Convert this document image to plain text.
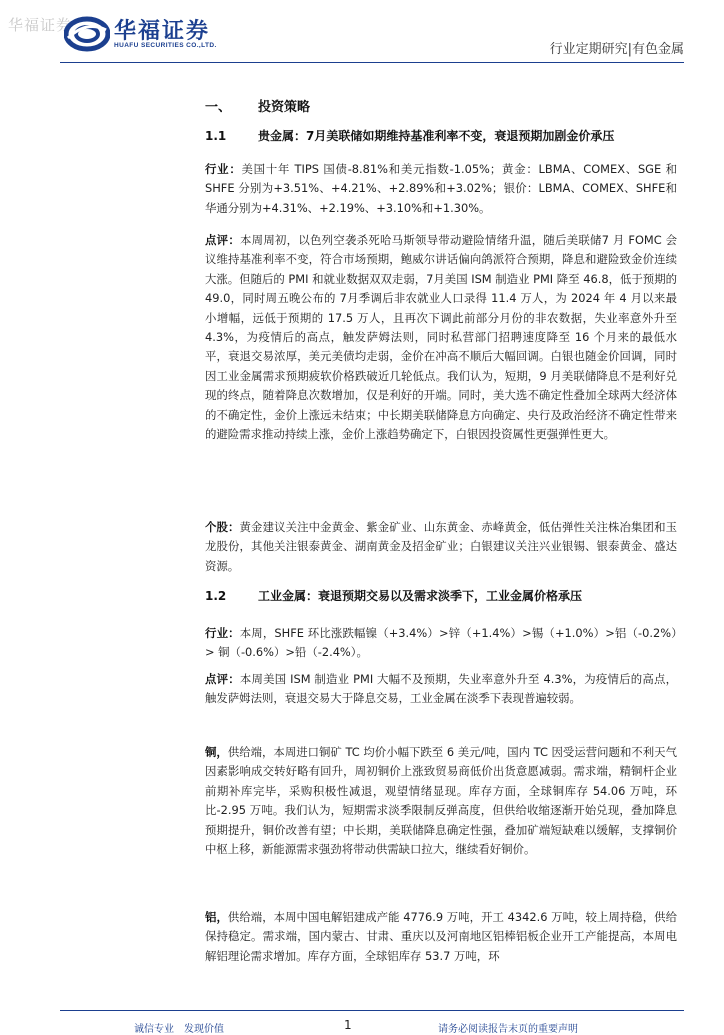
华福证券 华福证券
HUAFU SECURITIES CO.,LTD.	行业定期研究|有色金属
一、 投资策略
1.1	贵金属：7月美联储如期维持基准利率不变，衰退预期加剧金价承压

行业：美国十年 TIPS 国债-8.81%和美元指数-1.05%；黄金：LBMA、COMEX、SGE 和 SHFE 分别为+3.51%、+4.21%、+2.89%和+3.02%；银价：LBMA、COMEX、SHFE和华通分别为+4.31%、+2.19%、+3.10%和+1.30%。

点评：本周周初，以色列空袭杀死哈马斯领导带动避险情绪升温，随后美联储7 月 FOMC 会议维持基准利率不变，符合市场预期，鲍威尔讲话偏向鸽派符合预期，降息和避险致金价连续大涨。但随后的 PMI 和就业数据双双走弱，7月美国 ISM 制造业 PMI 降至 46.8，低于预期的 49.0，同时周五晚公布的 7月季调后非农就业人口录得 11.4 万人，为 2024 年 4 月以来最小增幅，远低于预期的 17.5 万人，且再次下调此前部分月份的非农数据，失业率意外升至 4.3%，为疫情后的高点，触发萨姆法则，同时私营部门招聘速度降至 16 个月来的最低水平，衰退交易浓厚，美元美债均走弱，金价在冲高不顺后大幅回调。白银也随金价回调，同时因工业金属需求预期疲软价格跌破近几轮低点。我们认为，短期，9 月美联储降息不是利好兑现的终点，随着降息次数增加，仅是利好的开端。同时，美大选不确定性叠加全球两大经济体的不确定性，金价上涨远未结束；中长期美联储降息方向确定、央行及政治经济不确定性带来的避险需求推动持续上涨，金价上涨趋势确定下，白银因投资属性更强弹性更大。

个股：黄金建议关注中金黄金、紫金矿业、山东黄金、赤峰黄金，低估弹性关注株冶集团和玉龙股份，其他关注银泰黄金、湖南黄金及招金矿业；白银建议关注兴业银锡、银泰黄金、盛达资源。

1.2	工业金属：衰退预期交易以及需求淡季下，工业金属价格承压

行业：本周，SHFE 环比涨跌幅镍（+3.4%）>锌（+1.4%）>锡（+1.0%）>铝（-0.2%）> 铜（-0.6%）>铅（-2.4%）。

点评：本周美国 ISM 制造业 PMI 大幅不及预期，失业率意外升至 4.3%，为疫情后的高点，触发萨姆法则，衰退交易大于降息交易，工业金属在淡季下表现普遍较弱。

铜，供给端，本周进口铜矿 TC 均价小幅下跌至 6 美元/吨，国内 TC 因受运营问题和不利天气因素影响成交转好略有回升，周初铜价上涨致贸易商低价出货意愿减弱。需求端，精铜杆企业前期补库完毕，采购积极性减退，观望情绪显现。库存方面，全球铜库存 54.06 万吨，环比-2.95 万吨。我们认为，短期需求淡季限制反弹高度，但供给收缩逐渐开始兑现，叠加降息预期提升，铜价改善有望；中长期，美联储降息确定性强，叠加矿端短缺难以缓解，支撑铜价中枢上移，新能源需求强劲将带动供需缺口拉大，继续看好铜价。

铝，供给端，本周中国电解铝建成产能 4776.9 万吨，开工 4342.6 万吨，较上周持稳，供给保持稳定。需求端，国内蒙古、甘肃、重庆以及河南地区铝棒铝板企业开工产能提高，本周电解铝理论需求增加。库存方面，全球铝库存 53.7 万吨，环

诚信专业　发现价值	1	请务必阅读报告末页的重要声明
